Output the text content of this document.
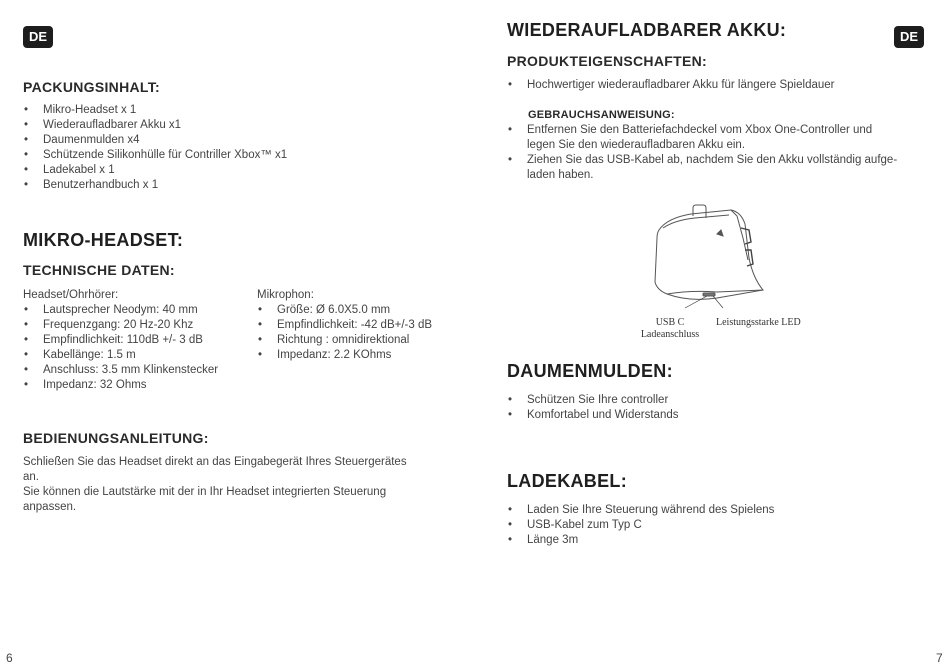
DE
PACKUNGSINHALT:
• Mikro-Headset x 1
• Wiederaufladbarer Akku x1
• Daumenmulden x4
• Schützende Silikonhülle für Contriller Xbox™ x1
• Ladekabel x 1
• Benutzerhandbuch x 1
MIKRO-HEADSET:
TECHNISCHE DATEN:
Headset/Ohrhörer:
• Lautsprecher Neodym: 40 mm
• Frequenzgang: 20 Hz-20 Khz
• Empfindlichkeit: 110dB +/- 3 dB
• Kabellänge: 1.5 m
• Anschluss: 3.5 mm Klinkenstecker
• Impedanz: 32 Ohms
Mikrophon:
• Größe: Ø 6.0X5.0 mm
• Empfindlichkeit: -42 dB+/-3 dB
• Richtung : omnidirektional
• Impedanz: 2.2 KOhms
BEDIENUNGSANLEITUNG:
Schließen Sie das Headset direkt an das Eingabegerät Ihres Steuergerätes
an.
Sie können die Lautstärke mit der in Ihr Headset integrierten Steuerung
anpassen.
6
DE
WIEDERAUFLADBARER AKKU:
PRODUKTEIGENSCHAFTEN:
• Hochwertiger wiederaufladbarer Akku für längere Spieldauer
GEBRAUCHSANWEISUNG:
• Entfernen Sie den Batteriefachdeckel vom Xbox One-Controller und
legen Sie den wiederaufladbaren Akku ein.
• Ziehen Sie das USB-Kabel ab, nachdem Sie den Akku vollständig aufge-
laden haben.
USB C
Ladeanschluss
Leistungsstarke LED
DAUMENMULDEN:
• Schützen Sie Ihre controller
• Komfortabel und Widerstands
LADEKABEL:
• Laden Sie Ihre Steuerung während des Spielens
• USB-Kabel zum Typ C
• Länge 3m
7
